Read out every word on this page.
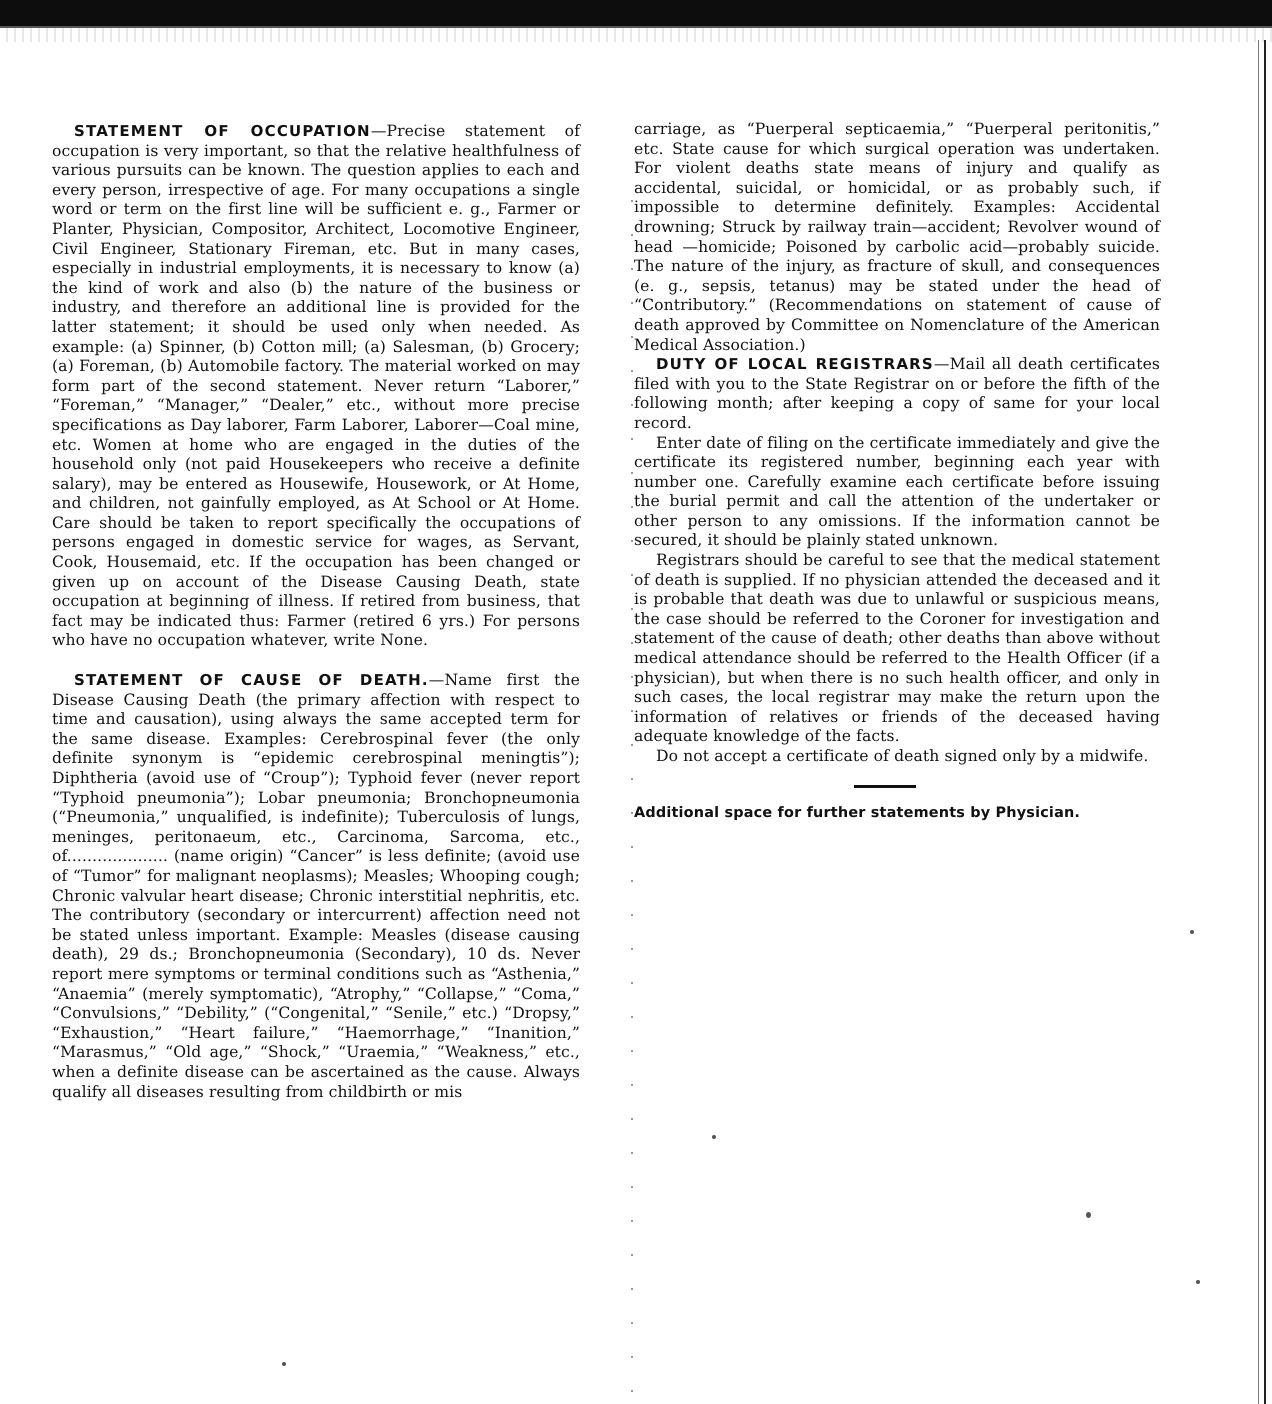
STATEMENT OF OCCUPATION—Precise statement of occupation is very important, so that the relative healthfulness of various pursuits can be known. The question applies to each and every person, irrespective of age. For many occupations a single word or term on the first line will be sufficient e. g., Farmer or Planter, Physician, Compositor, Architect, Locomotive Engineer, Civil Engineer, Stationary Fireman, etc. But in many cases, especially in industrial employments, it is necessary to know (a) the kind of work and also (b) the nature of the business or industry, and therefore an additional line is provided for the latter statement; it should be used only when needed. As example: (a) Spinner, (b) Cotton mill; (a) Salesman, (b) Grocery; (a) Foreman, (b) Automobile factory. The material worked on may form part of the second statement. Never return “Laborer,” “Foreman,” “Manager,” “Dealer,” etc., without more precise specifications as Day laborer, Farm Laborer, Laborer—Coal mine, etc. Women at home who are engaged in the duties of the household only (not paid Housekeepers who receive a definite salary), may be entered as Housewife, Housework, or At Home, and children, not gainfully employed, as At School or At Home. Care should be taken to report specifically the occupations of persons engaged in domestic service for wages, as Servant, Cook, Housemaid, etc. If the occupation has been changed or given up on account of the Disease Causing Death, state occupation at beginning of illness. If retired from business, that fact may be indicated thus: Farmer (retired 6 yrs.) For persons who have no occupation whatever, write None.

STATEMENT OF CAUSE OF DEATH.—Name first the Disease Causing Death (the primary affection with respect to time and causation), using always the same accepted term for the same disease. Examples: Cerebrospinal fever (the only definite synonym is “epidemic cerebrospinal meningtis”); Diphtheria (avoid use of “Croup”); Typhoid fever (never report “Typhoid pneumonia”); Lobar pneumonia; Bronchopneumonia (“Pneumonia,” unqualified, is indefinite); Tuberculosis of lungs, meninges, peritonaeum, etc., Carcinoma, Sarcoma, etc., of.................... (name origin) “Cancer” is less definite; (avoid use of “Tumor” for malignant neoplasms); Measles; Whooping cough; Chronic valvular heart disease; Chronic interstitial nephritis, etc. The contributory (secondary or intercurrent) affection need not be stated unless important. Example: Measles (disease causing death), 29 ds.; Bronchopneumonia (Secondary), 10 ds. Never report mere symptoms or terminal conditions such as “Asthenia,” “Anaemia” (merely symptomatic), “Atrophy,” “Collapse,” “Coma,” “Convulsions,” “Debility,” (“Congenital,” “Senile,” etc.) “Dropsy,” “Exhaustion,” “Heart failure,” “Haemorrhage,” “Inanition,” “Marasmus,” “Old age,” “Shock,” “Uraemia,” “Weakness,” etc., when a definite disease can be ascertained as the cause. Always qualify all diseases resulting from childbirth or mis

carriage, as “Puerperal septicaemia,” “Puerperal peritonitis,” etc. State cause for which surgical operation was undertaken. For violent deaths state means of injury and qualify as accidental, suicidal, or homicidal, or as probably such, if impossible to determine definitely. Examples: Accidental drowning; Struck by railway train—accident; Revolver wound of head —homicide; Poisoned by carbolic acid—probably suicide. The nature of the injury, as fracture of skull, and consequences (e. g., sepsis, tetanus) may be stated under the head of “Contributory.” (Recommendations on statement of cause of death approved by Committee on Nomenclature of the American Medical Association.)

DUTY OF LOCAL REGISTRARS—Mail all death certificates filed with you to the State Registrar on or before the fifth of the following month; after keeping a copy of same for your local record.

Enter date of filing on the certificate immediately and give the certificate its registered number, beginning each year with number one. Carefully examine each certificate before issuing the burial permit and call the attention of the undertaker or other person to any omissions. If the information cannot be secured, it should be plainly stated unknown.

Registrars should be careful to see that the medical statement of death is supplied. If no physician attended the deceased and it is probable that death was due to unlawful or suspicious means, the case should be referred to the Coroner for investigation and statement of the cause of death; other deaths than above without medical attendance should be referred to the Health Officer (if a physician), but when there is no such health officer, and only in such cases, the local registrar may make the return upon the information of relatives or friends of the deceased having adequate knowledge of the facts.

Do not accept a certificate of death signed only by a midwife.

Additional space for further statements by Physician.
